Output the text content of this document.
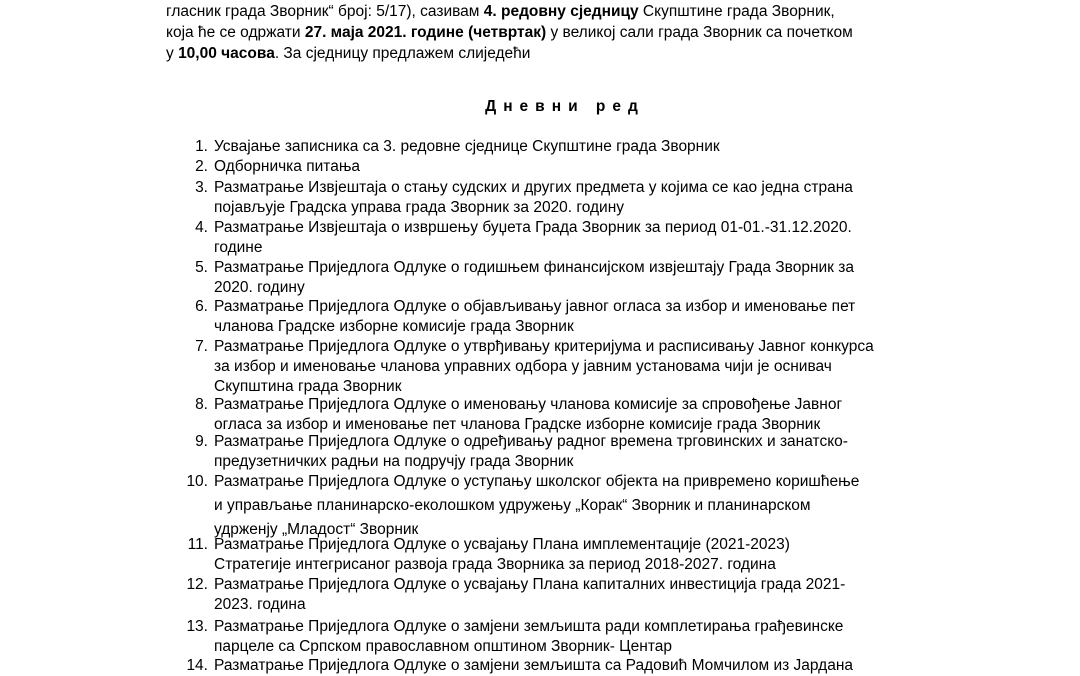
гласник града Зворник“ број: 5/17), сазивам 4. редовну сједницу Скупштине града Зворник,
која ће се одржати 27. маја 2021. године (четвртак) у великој сали града Зворник са почетком
у 10,00 часова. За сједницу предлажем слиједећи
Дневни ред
1. Усвајање записника са 3. редовне сједнице Скупштине града Зворник
2. Одборничка питања
3. Разматрање Извјештаја о стању судских и других предмета у којима се као једна страна
појављује Градска управа града Зворник за 2020. годину
4. Разматрање Извјештаја о извршењу буџета Града Зворник за период 01-01.-31.12.2020.
године
5. Разматрање Приједлога Одлуке о годишњем финансијском извјештају Града Зворник за
2020. годину
6. Разматрање Приједлога Одлуке о објављивању јавног огласа за избор и именовање пет
чланова Градске изборне комисије града Зворник
7. Разматрање Приједлога Одлуке о утврђивању критеријума и расписивању Јавног конкурса
за избор и именовање чланова управних одбора у јавним установама чији је оснивач
Скупштина града Зворник
8. Разматрање Приједлога Одлуке о именовању чланова комисије за спровођење Јавног
огласа за избор и именовање пет чланова Градске изборне комисије града Зворник
9. Разматрање Приједлога Одлуке о одређивању радног времена трговинских и занатско-
предузетничких радњи на подручју града Зворник
10. Разматрање Приједлога Одлуке о уступању школског објекта на привремено коришћење
и управљање планинарско-еколошком удружењу „Корак“ Зворник и планинарском
удрженју „Младост“ Зворник
11. Разматрање Приједлога Одлуке о усвајању Плана имплементације (2021-2023)
Стратегије интегрисаног развоја града Зворника за период 2018-2027. година
12. Разматрање Приједлога Одлуке о усвајању Плана капиталних инвестиција града 2021-
2023. година
13. Разматрање Приједлога Одлуке о замјени земљишта ради комплетирања грађевинске
парцеле са Српском православном општином Зворник- Центар
14. Разматрање Приједлога Одлуке о замјени земљишта са Радовић Момчилом из Јардана
